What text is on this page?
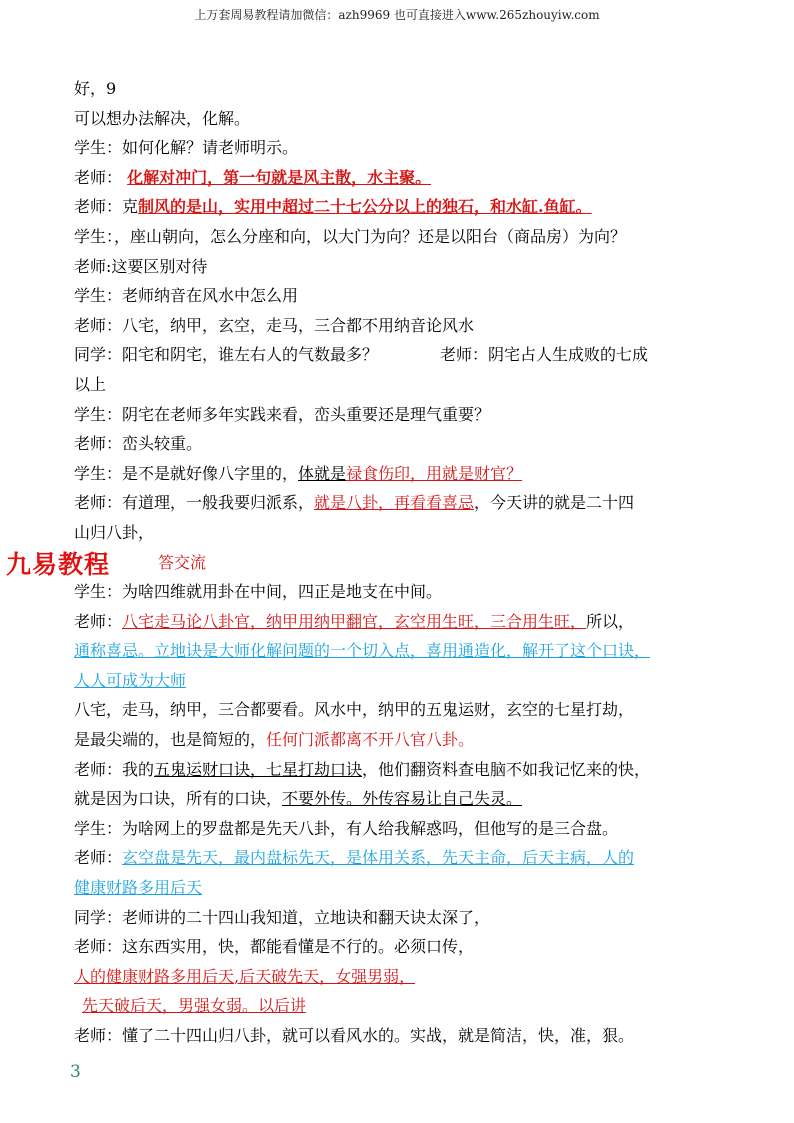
上万套周易教程请加微信：azh9969 也可直接进入www.265zhouyiw.com
好，9
可以想办法解决，化解。
学生：如何化解？请老师明示。
老师： 化解对冲门，第一句就是风主散，水主聚。
老师：克制风的是山，实用中超过二十七公分以上的独石，和水缸.鱼缸。
学生：，座山朝向，怎么分座和向，以大门为向？还是以阳台（商品房）为向？
老师:这要区别对待
学生：老师纳音在风水中怎么用
老师：八宅，纳甲，玄空，走马，三合都不用纳音论风水
同学：阳宅和阴宅，谁左右人的气数最多？	老师：阴宅占人生成败的七成
以上
学生：阴宅在老师多年实践来看，峦头重要还是理气重要？
老师：峦头较重。
学生：是不是就好像八字里的，体就是禄食伤印，用就是财官？
老师：有道理，一般我要归派系，就是八卦，再看看喜忌，今天讲的就是二十四
山归八卦，
答交流
学生：为啥四维就用卦在中间，四正是地支在中间。
老师：八宅走马论八卦官，纳甲用纳甲翻官，玄空用生旺，三合用生旺，所以，
通称喜忌。立地诀是大师化解问题的一个切入点，喜用通造化，解开了这个口诀，
人人可成为大师
八宅，走马，纳甲，三合都要看。风水中，纳甲的五鬼运财，玄空的七星打劫，
是最尖端的，也是简短的，任何门派都离不开八官八卦。
老师：我的五鬼运财口诀，七星打劫口诀，他们翻资料查电脑不如我记忆来的快，
就是因为口诀，所有的口诀，不要外传。外传容易让自己失灵。
学生：为啥网上的罗盘都是先天八卦，有人给我解惑吗，但他写的是三合盘。
老师：玄空盘是先天，最内盘标先天，是体用关系，先天主命，后天主病，人的
健康财路多用后天
同学：老师讲的二十四山我知道，立地诀和翻天诀太深了，
老师：这东西实用，快，都能看懂是不行的。必须口传，
人的健康财路多用后天,后天破先天，女强男弱，
先天破后天，男强女弱。以后讲
老师：懂了二十四山归八卦，就可以看风水的。实战，就是简洁，快，准，狠。
九易教程
3
